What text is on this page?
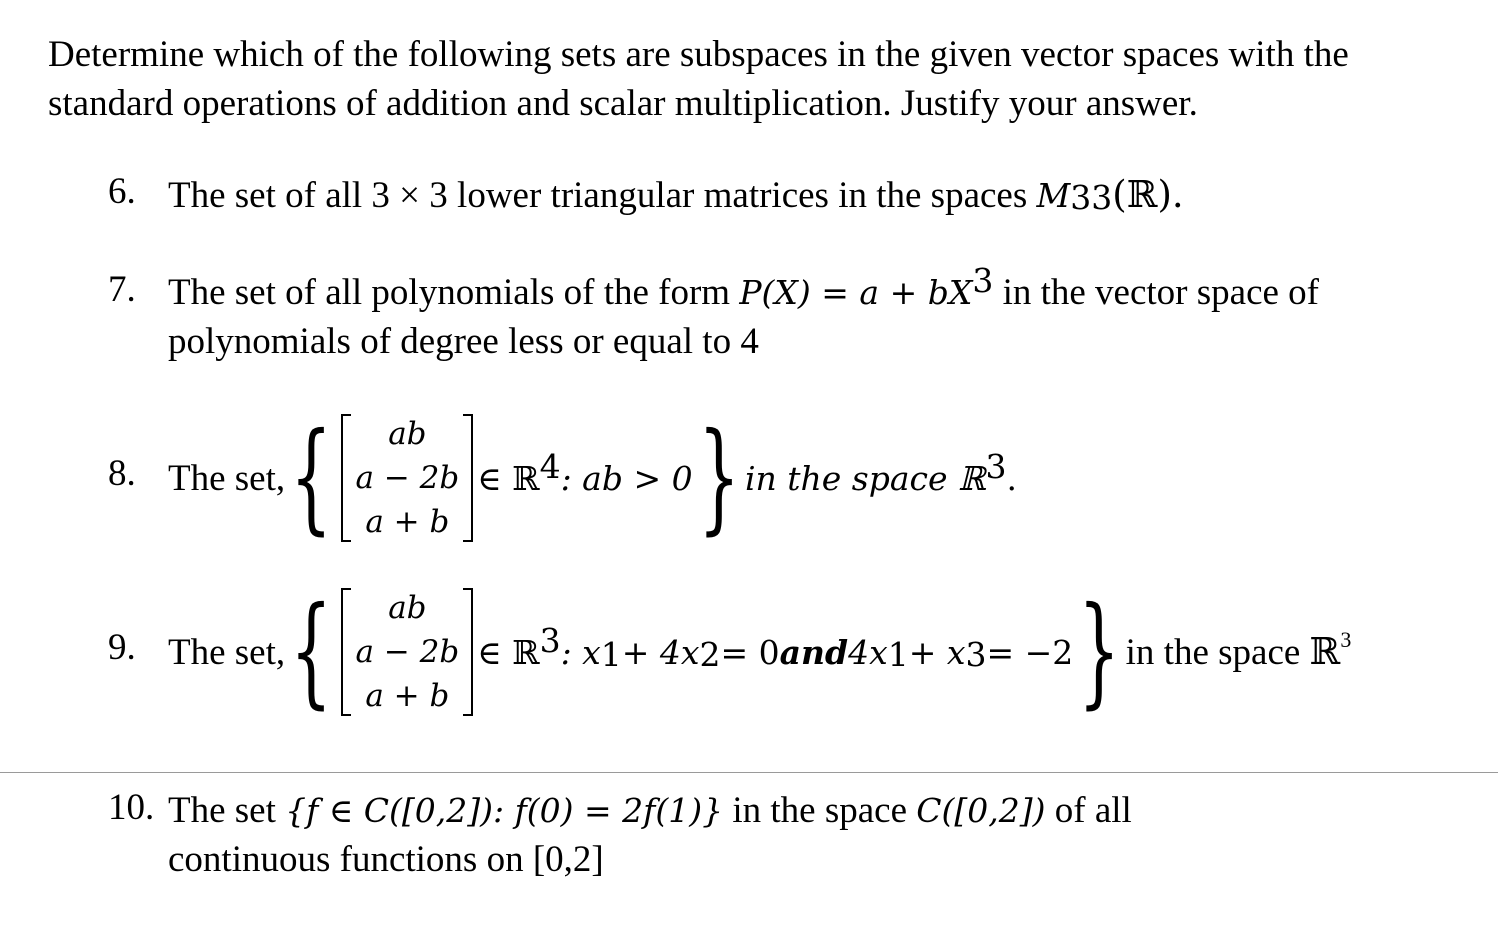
Determine which of the following sets are subspaces in the given vector spaces with the standard operations of addition and scalar multiplication. Justify your answer.
6. The set of all 3 × 3 lower triangular matrices in the spaces $M_{33}(ℝ)$.
7. The set of all polynomials of the form $P(X) = a + bX^3$ in the vector space of
polynomials of degree less or equal to 4
8. The set, {	ab
a − 2b
a + b
∈ ℝ$^4$ : ab > 0 } in the space ℝ$^3$ .
9. The set, {	ab
a − 2b
a + b
∈ ℝ$^3$ : $x_1 + 4x_2 = 0$ and $4x_1 + x_3 = -2$ } in the space ℝ$^3$
10. The set {f ∈ C([0,2]): f(0) = 2f(1)} in the space C([0,2]) of all
continuous functions on [0,2]
